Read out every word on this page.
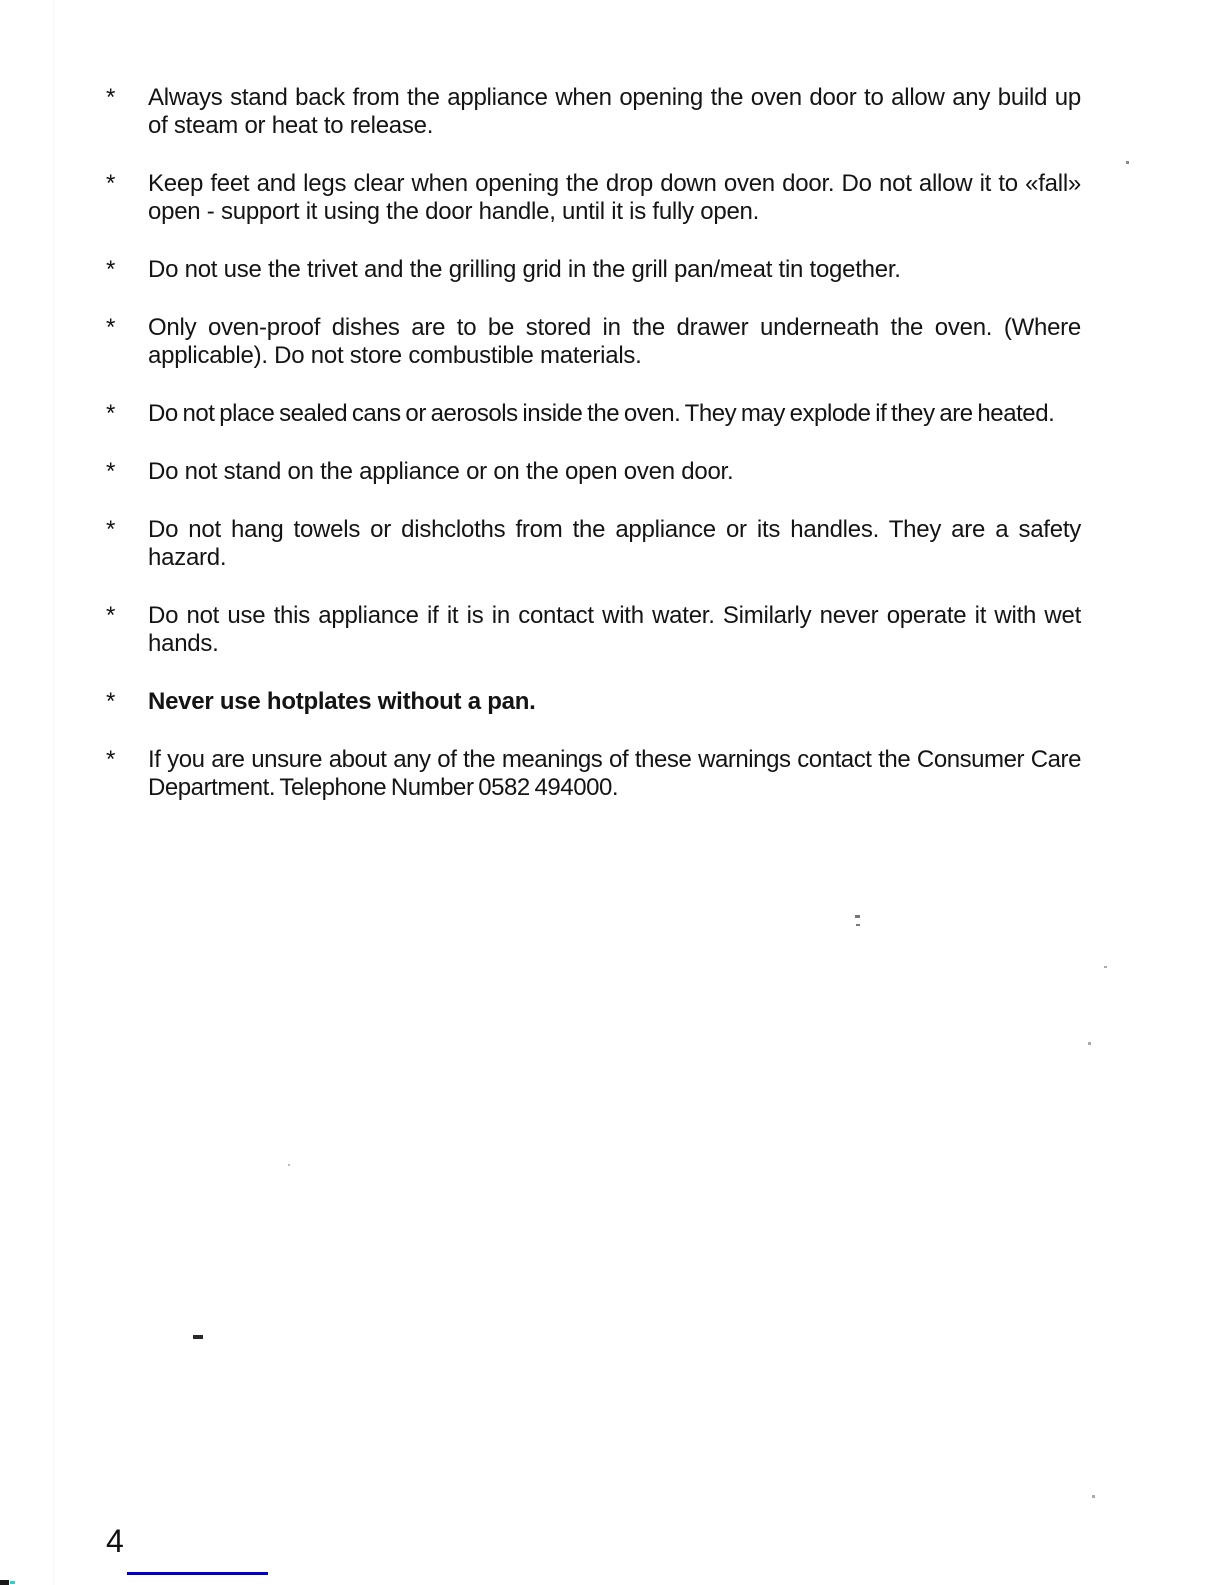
*	Always stand back from the appliance when opening the oven door to allow any build up of steam or heat to release.

*	Keep feet and legs clear when opening the drop down oven door. Do not allow it to «fall» open - support it using the door handle, until it is fully open.

*	Do not use the trivet and the grilling grid in the grill pan/meat tin together.

*	Only oven-proof dishes are to be stored in the drawer underneath the oven. (Where applicable). Do not store combustible materials.

*	Do not place sealed cans or aerosols inside the oven. They may explode if they are heated.

*	Do not stand on the appliance or on the open oven door.

*	Do not hang towels or dishcloths from the appliance or its handles. They are a safety hazard.

*	Do not use this appliance if it is in contact with water. Similarly never operate it with wet hands.

*	Never use hotplates without a pan.

*	If you are unsure about any of the meanings of these warnings contact the Consumer Care Department. Telephone Number 0582 494000.

4
